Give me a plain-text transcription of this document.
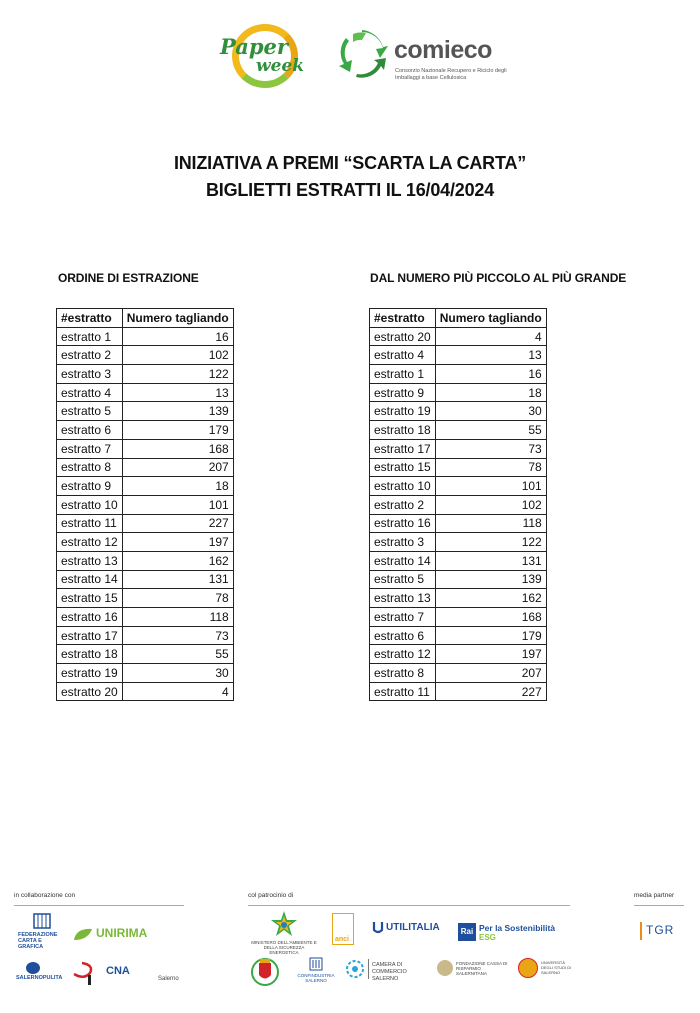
Paper
week
comieco
Consorzio Nazionale Recupero e Riciclo degli Imballaggi a base Cellulosica
INIZIATIVA A PREMI “SCARTA LA CARTA”
BIGLIETTI ESTRATTI IL 16/04/2024
ORDINE DI ESTRAZIONE
#estratto	Numero tagliando
estratto 1	16
estratto 2	102
estratto 3	122
estratto 4	13
estratto 5	139
estratto 6	179
estratto 7	168
estratto 8	207
estratto 9	18
estratto 10	101
estratto 11	227
estratto 12	197
estratto 13	162
estratto 14	131
estratto 15	78
estratto 16	118
estratto 17	73
estratto 18	55
estratto 19	30
estratto 20	4
DAL NUMERO PIÙ PICCOLO AL PIÙ GRANDE
#estratto	Numero tagliando
estratto 20	4
estratto 4	13
estratto 1	16
estratto 9	18
estratto 19	30
estratto 18	55
estratto 17	73
estratto 15	78
estratto 10	101
estratto 2	102
estratto 16	118
estratto 3	122
estratto 14	131
estratto 5	139
estratto 13	162
estratto 7	168
estratto 6	179
estratto 12	197
estratto 8	207
estratto 11	227
in collaborazione con	col patrocinio di	media partner
FEDERAZIONE CARTA E GRAFICA
UNIRIMA
SALERNOPULITA
CNA
Salerno
MINISTERO DELL'AMBIENTE E DELLA SICUREZZA ENERGETICA
anci
UTILITALIA	Rai Per la Sostenibilità
ESG
CONFINDUSTRIA SALERNO
CAMERA DI COMMERCIO SALERNO
FONDAZIONE CASSA DI RISPARMIO SALERNITANA
UNIVERSITÀ DEGLI STUDI DI SALERNO
TGR
